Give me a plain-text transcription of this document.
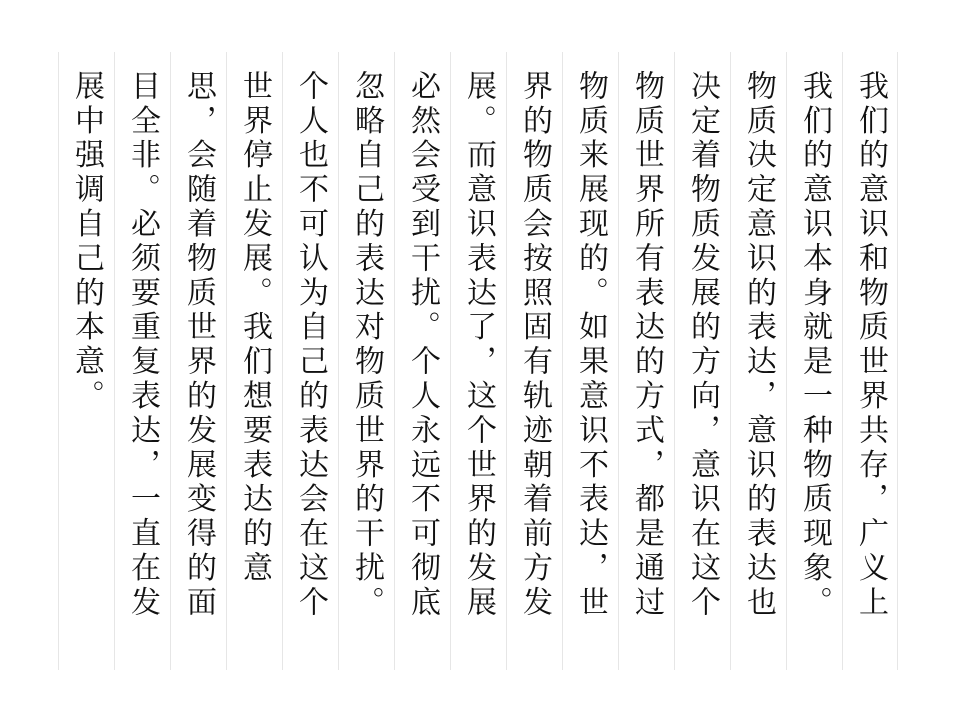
我们的意识和物质世界共存，广义上
我们的意识本身就是一种物质现象。
物质决定意识的表达，意识的表达也
决定着物质发展的方向，意识在这个
物质世界所有表达的方式，都是通过
物质来展现的。如果意识不表达，世
界的物质会按照固有轨迹朝着前方发
展。而意识表达了，这个世界的发展
必然会受到干扰。个人永远不可彻底
忽略自己的表达对物质世界的干扰。
个人也不可认为自己的表达会在这个
世界停止发展。我们想要表达的意
思，会随着物质世界的发展变得的面
目全非。必须要重复表达，一直在发
展中强调自己的本意。
